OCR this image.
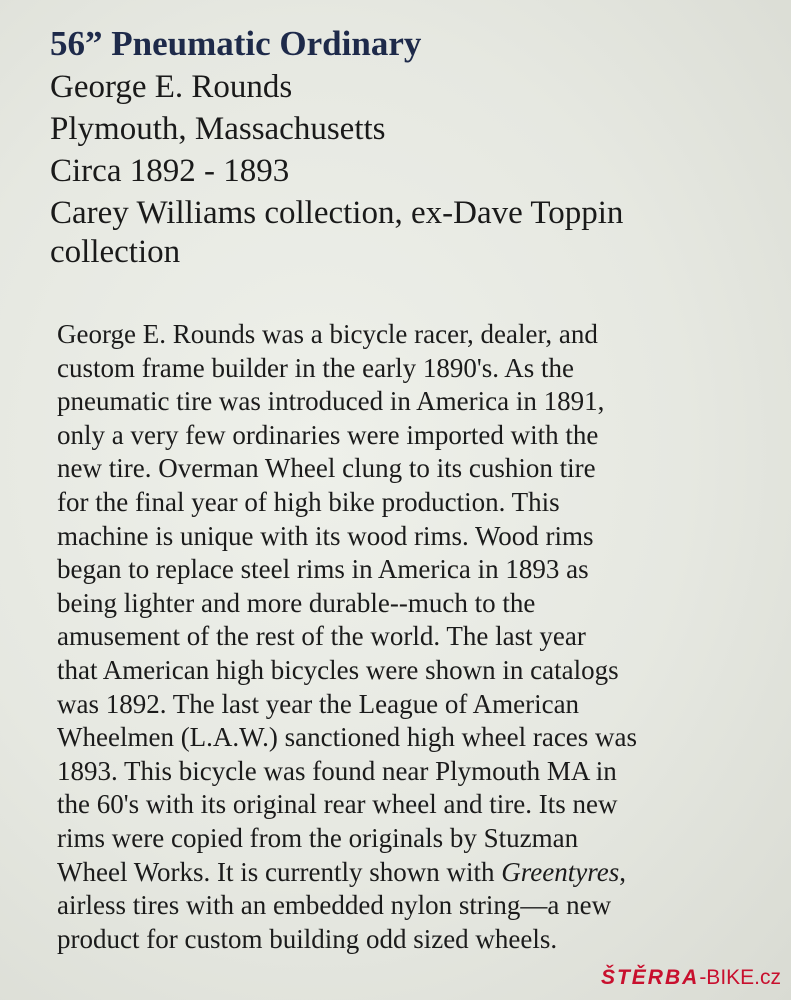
56” Pneumatic Ordinary

George E. Rounds

Plymouth, Massachusetts

Circa 1892 - 1893

Carey Williams collection, ex-Dave Toppin

collection

George E. Rounds was a bicycle racer, dealer, and
custom frame builder in the early 1890's. As the
pneumatic tire was introduced in America in 1891,
only a very few ordinaries were imported with the
new tire. Overman Wheel clung to its cushion tire
for the final year of high bike production. This
machine is unique with its wood rims. Wood rims
began to replace steel rims in America in 1893 as
being lighter and more durable--much to the
amusement of the rest of the world. The last year
that American high bicycles were shown in catalogs
was 1892. The last year the League of American
Wheelmen (L.A.W.) sanctioned high wheel races was
1893. This bicycle was found near Plymouth MA in
the 60's with its original rear wheel and tire. Its new
rims were copied from the originals by Stuzman
Wheel Works. It is currently shown with Greentyres,
airless tires with an embedded nylon string—a new
product for custom building odd sized wheels.
ŠTĚRBA-BIKE.cz
